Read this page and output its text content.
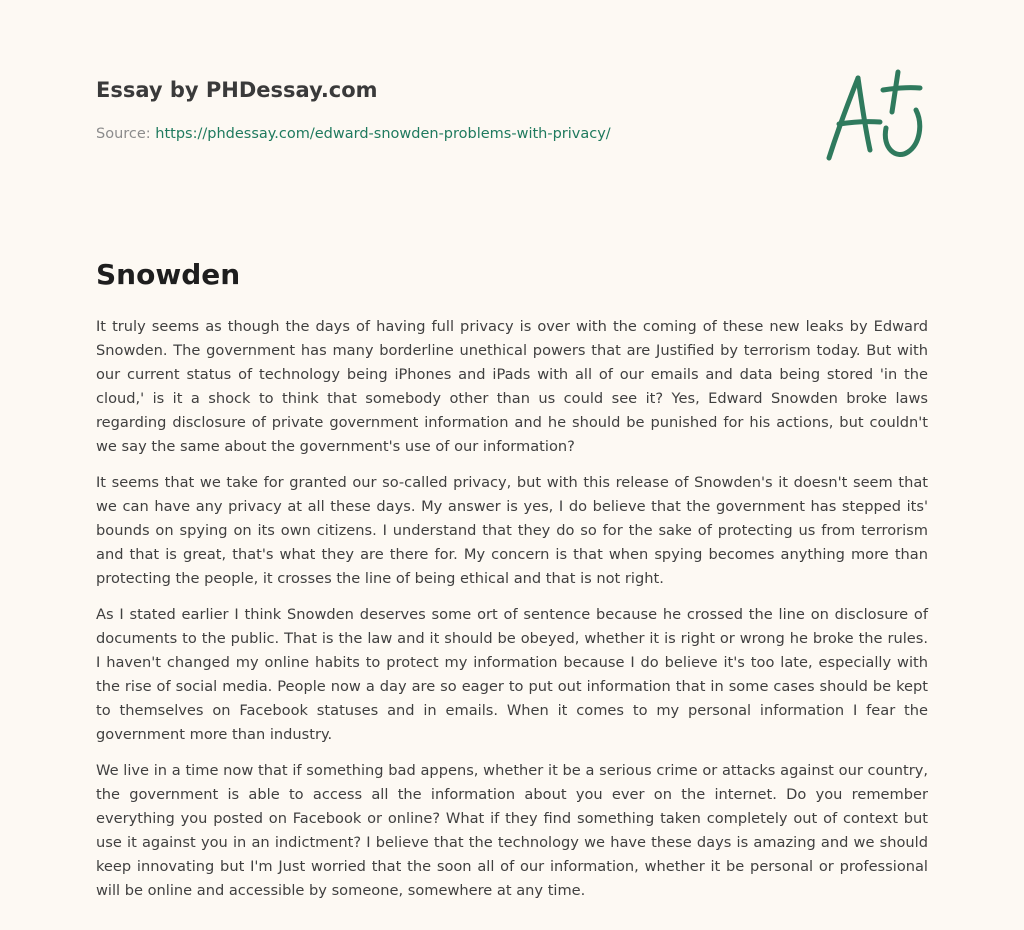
Essay by PHDessay.com
Source: https://phdessay.com/edward-snowden-problems-with-privacy/
Snowden

It truly seems as though the days of having full privacy is over with the coming of these new leaks by Edward Snowden. The government has many borderline unethical powers that are Justified by terrorism today. But with our current status of technology being iPhones and iPads with all of our emails and data being stored 'in the cloud,' is it a shock to think that somebody other than us could see it? Yes, Edward Snowden broke laws regarding disclosure of private government information and he should be punished for his actions, but couldn't we say the same about the government's use of our information?

It seems that we take for granted our so-called privacy, but with this release of Snowden's it doesn't seem that we can have any privacy at all these days. My answer is yes, I do believe that the government has stepped its' bounds on spying on its own citizens. I understand that they do so for the sake of protecting us from terrorism and that is great, that's what they are there for. My concern is that when spying becomes anything more than protecting the people, it crosses the line of being ethical and that is not right.

As I stated earlier I think Snowden deserves some ort of sentence because he crossed the line on disclosure of documents to the public. That is the law and it should be obeyed, whether it is right or wrong he broke the rules. I haven't changed my online habits to protect my information because I do believe it's too late, especially with the rise of social media. People now a day are so eager to put out information that in some cases should be kept to themselves on Facebook statuses and in emails. When it comes to my personal information I fear the government more than industry.

We live in a time now that if something bad appens, whether it be a serious crime or attacks against our country, the government is able to access all the information about you ever on the internet. Do you remember everything you posted on Facebook or online? What if they find something taken completely out of context but use it against you in an indictment? I believe that the technology we have these days is amazing and we should keep innovating but I'm Just worried that the soon all of our information, whether it be personal or professional will be online and accessible by someone, somewhere at any time.
